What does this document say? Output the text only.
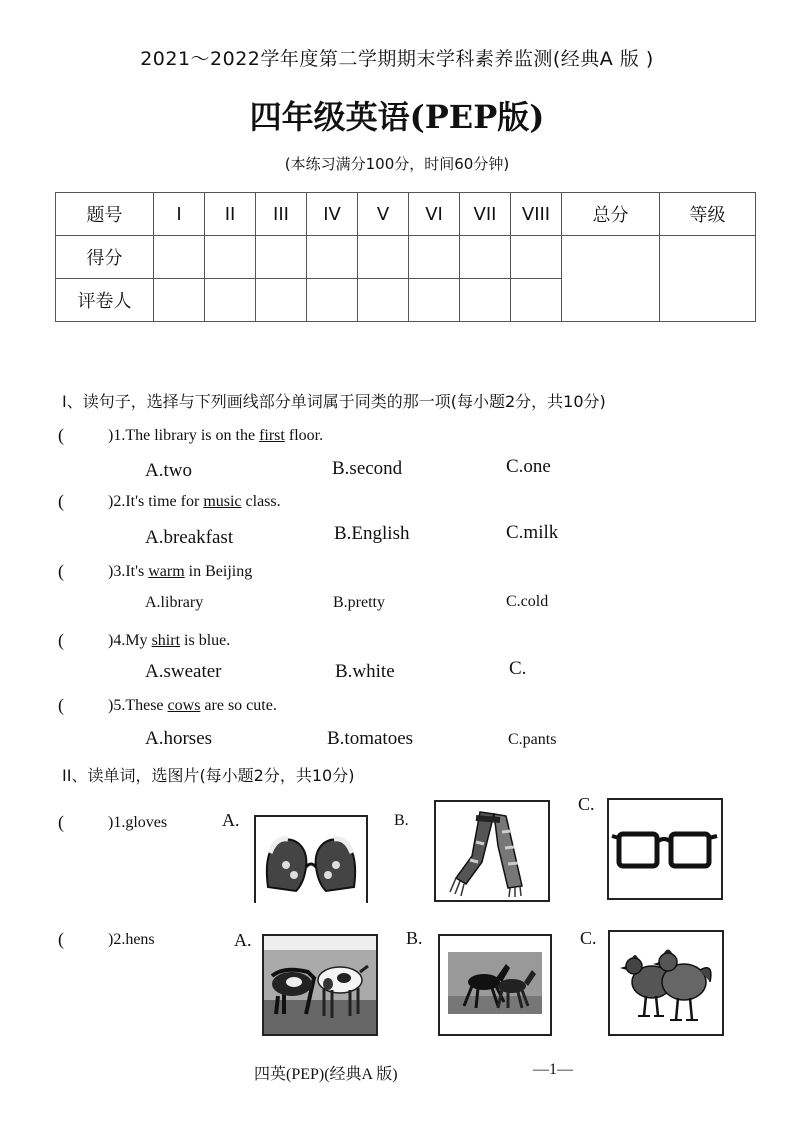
2021～2022学年度第二学期期末学科素养监测(经典A 版 )
四年级英语(PEP版)
(本练习满分100分，时间60分钟)
题号	I	II	III	IV	V	VI	VII	VIII	总分	等级
得分										
评卷人										
I、读句子，选择与下列画线部分单词属于同类的那一项(每小题2分，共10分)
(	)1.The library is on the first floor.
A.two	B.second	C.one
(	)2.It's time for music class.
A.breakfast	B.English	C.milk
(	)3.It's warm in Beijing
A.library	B.pretty	C.cold
(	)4.My shirt is blue.
A.sweater	B.white	C.
(	)5.These cows are so cute.
A.horses	B.tomatoes	C.pants
II、读单词，选图片(每小题2分，共10分)
(	)1.gloves	A.	B.
C.
(	)2.hens	A.	B.	C.
四英(PEP)(经典A 版)	—1—
